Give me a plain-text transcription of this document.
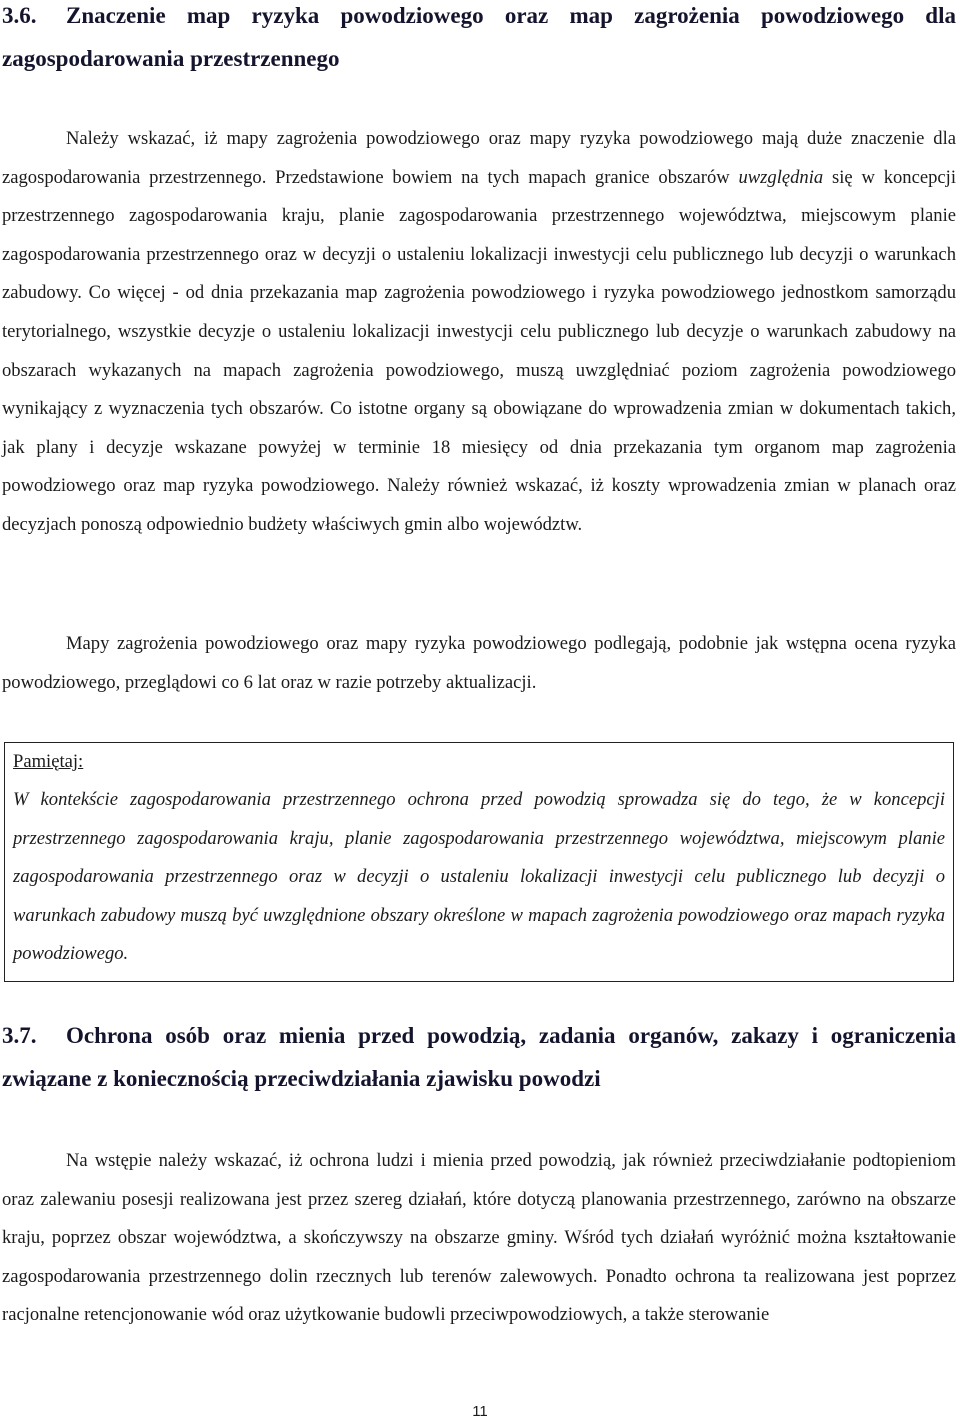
3.6. Znaczenie map ryzyka powodziowego oraz map zagrożenia powodziowego dla zagospodarowania przestrzennego

Należy wskazać, iż mapy zagrożenia powodziowego oraz mapy ryzyka powodziowego mają duże znaczenie dla zagospodarowania przestrzennego. Przedstawione bowiem na tych mapach granice obszarów uwzględnia się w koncepcji przestrzennego zagospodarowania kraju, planie zagospodarowania przestrzennego województwa, miejscowym planie zagospodarowania przestrzennego oraz w decyzji o ustaleniu lokalizacji inwestycji celu publicznego lub decyzji o warunkach zabudowy. Co więcej - od dnia przekazania map zagrożenia powodziowego i ryzyka powodziowego jednostkom samorządu terytorialnego, wszystkie decyzje o ustaleniu lokalizacji inwestycji celu publicznego lub decyzje o warunkach zabudowy na obszarach wykazanych na mapach zagrożenia powodziowego, muszą uwzględniać poziom zagrożenia powodziowego wynikający z wyznaczenia tych obszarów. Co istotne organy są obowiązane do wprowadzenia zmian w dokumentach takich, jak plany i decyzje wskazane powyżej w terminie 18 miesięcy od dnia przekazania tym organom map zagrożenia powodziowego oraz map ryzyka powodziowego. Należy również wskazać, iż koszty wprowadzenia zmian w planach oraz decyzjach ponoszą odpowiednio budżety właściwych gmin albo województw.

Mapy zagrożenia powodziowego oraz mapy ryzyka powodziowego podlegają, podobnie jak wstępna ocena ryzyka powodziowego, przeglądowi co 6 lat oraz w razie potrzeby aktualizacji.

Pamiętaj:

W kontekście zagospodarowania przestrzennego ochrona przed powodzią sprowadza się do tego, że w koncepcji przestrzennego zagospodarowania kraju, planie zagospodarowania przestrzennego województwa, miejscowym planie zagospodarowania przestrzennego oraz w decyzji o ustaleniu lokalizacji inwestycji celu publicznego lub decyzji o warunkach zabudowy muszą być uwzględnione obszary określone w mapach zagrożenia powodziowego oraz mapach ryzyka powodziowego.

3.7. Ochrona osób oraz mienia przed powodzią, zadania organów, zakazy i ograniczenia związane z koniecznością przeciwdziałania zjawisku powodzi

Na wstępie należy wskazać, iż ochrona ludzi i mienia przed powodzią, jak również przeciwdziałanie podtopieniom oraz zalewaniu posesji realizowana jest przez szereg działań, które dotyczą planowania przestrzennego, zarówno na obszarze kraju, poprzez obszar województwa, a skończywszy na obszarze gminy. Wśród tych działań wyróżnić można kształtowanie zagospodarowania przestrzennego dolin rzecznych lub terenów zalewowych. Ponadto ochrona ta realizowana jest poprzez racjonalne retencjonowanie wód oraz użytkowanie budowli przeciwpowodziowych, a także sterowanie

11
